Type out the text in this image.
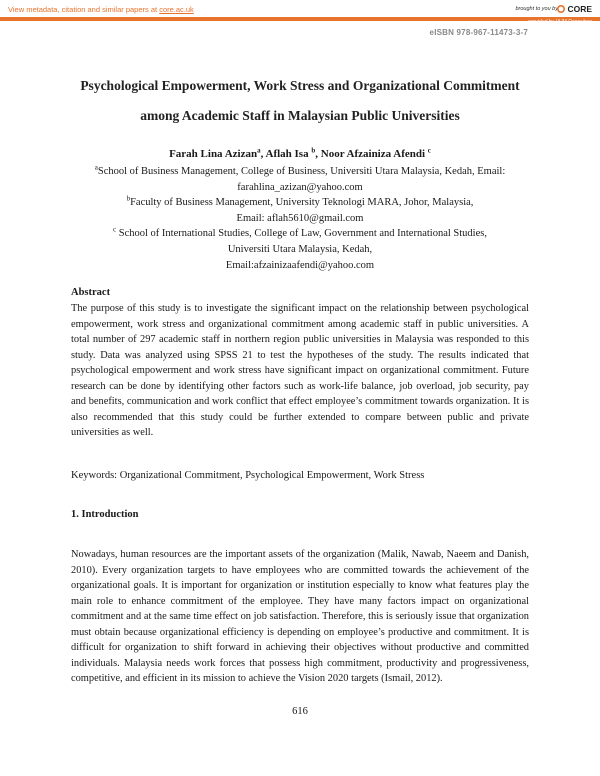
View metadata, citation and similar papers at core.ac.uk	brought to you by CORE
provided by UUM Repository
eISBN 978-967-11473-3-7
Psychological Empowerment, Work Stress and Organizational Commitment
among Academic Staff in Malaysian Public Universities
Farah Lina Azizan$^a$, Aflah Isa $^b$, Noor Afzainiza Afendi $^c$
$^a$School of Business Management, College of Business, Universiti Utara Malaysia, Kedah, Email:
farahlina_azizan@yahoo.com
$^b$Faculty of Business Management, University Teknologi MARA, Johor, Malaysia,
Email: aflah5610@gmail.com
$^c$ School of International Studies, College of Law, Government and International Studies,
Universiti Utara Malaysia, Kedah,
Email:afzainizaafendi@yahoo.com
Abstract
The purpose of this study is to investigate the significant impact on the relationship between psychological empowerment, work stress and organizational commitment among academic staff in public universities. A total number of 297 academic staff in northern region public universities in Malaysia was responded to this study. Data was analyzed using SPSS 21 to test the hypotheses of the study. The results indicated that psychological empowerment and work stress have significant impact on organizational commitment. Future research can be done by identifying other factors such as work-life balance, job overload, job security, pay and benefits, communication and work conflict that effect employee’s commitment towards organization. It is also recommended that this study could be further extended to compare between public and private universities as well.
Keywords: Organizational Commitment, Psychological Empowerment, Work Stress
1. Introduction
Nowadays, human resources are the important assets of the organization (Malik, Nawab, Naeem and Danish, 2010). Every organization targets to have employees who are committed towards the achievement of the organizational goals. It is important for organization or institution especially to know what features play the main role to enhance commitment of the employee. They have many factors impact on organizational commitment and at the same time effect on job satisfaction. Therefore, this is seriously issue that organization must obtain because organizational efficiency is depending on employee’s productive and commitment. It is difficult for organization to shift forward in achieving their objectives without productive and committed individuals. Malaysia needs work forces that possess high commitment, productivity and progressiveness, competitive, and efficient in its mission to achieve the Vision 2020 targets (Ismail, 2012).
616
